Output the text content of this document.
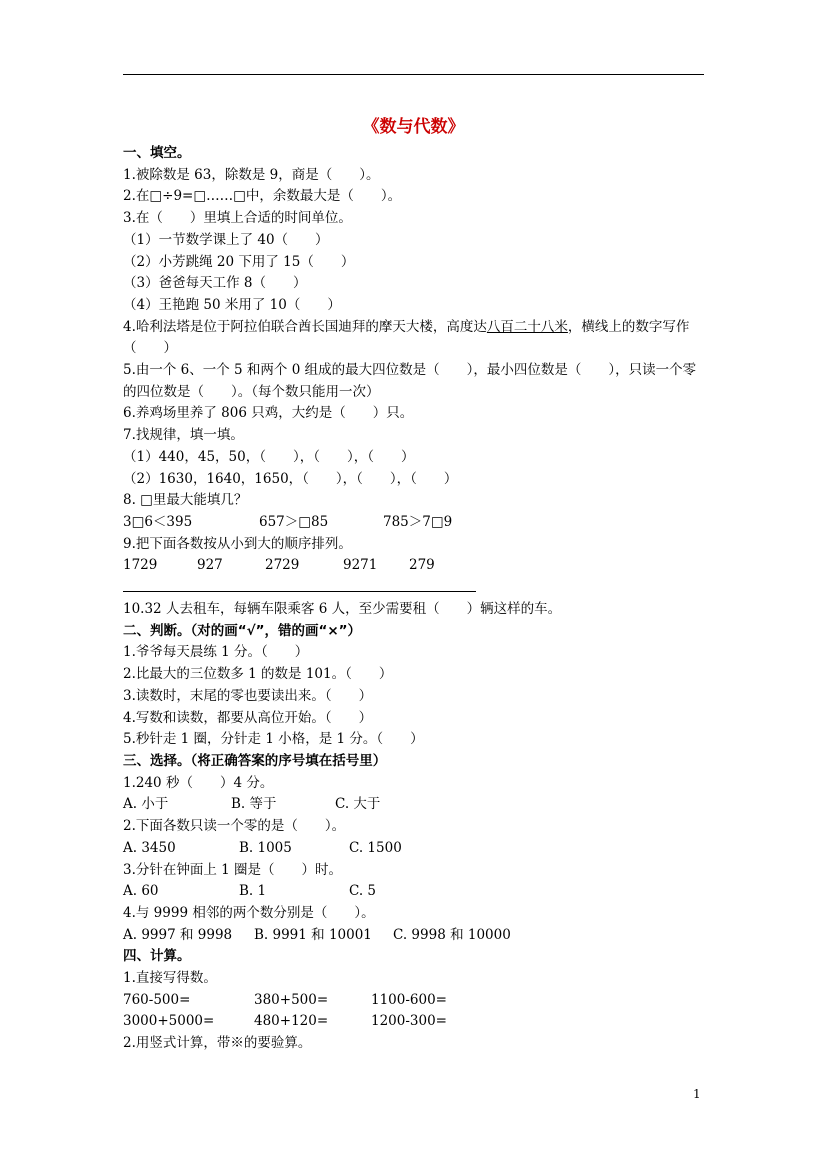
《数与代数》
一、填空。
1.被除数是 63，除数是 9，商是（　　）。
2.在□÷9=□……□中，余数最大是（　　）。
3.在（　　）里填上合适的时间单位。
（1）一节数学课上了 40（　　）
（2）小芳跳绳 20 下用了 15（　　）
（3）爸爸每天工作 8（　　）
（4）王艳跑 50 米用了 10（　　）
4.哈利法塔是位于阿拉伯联合酋长国迪拜的摩天大楼，高度达八百二十八米，横线上的数字写作（　　）
5.由一个 6、一个 5 和两个 0 组成的最大四位数是（　　），最小四位数是（　　），只读一个零的四位数是（　　）。（每个数只能用一次）
6.养鸡场里养了 806 只鸡，大约是（　　）只。
7.找规律，填一填。
（1）440，45，50，（　　），（　　），（　　）
（2）1630，1640，1650，（　　），（　　），（　　）
8. □里最大能填几？
3□6＜395	657＞□85	785＞7□9
9.把下面各数按从小到大的顺序排列。
1729	927	2729	9271 279
10.32 人去租车，每辆车限乘客 6 人，至少需要租（　　）辆这样的车。
二、判断。（对的画“√”，错的画“×”）
1.爷爷每天晨练 1 分。（　　）
2.比最大的三位数多 1 的数是 101。（　　）
3.读数时，末尾的零也要读出来。（　　）
4.写数和读数，都要从高位开始。（　　）
5.秒针走 1 圈，分针走 1 小格，是 1 分。（　　）
三、选择。（将正确答案的序号填在括号里）
1.240 秒（　　）4 分。
A. 小于	B. 等于	C. 大于
2.下面各数只读一个零的是（　　）。
A. 3450	B. 1005	C. 1500
3.分针在钟面上 1 圈是（　　）时。
A. 60	B. 1	C. 5
4.与 9999 相邻的两个数分别是（　　）。
A. 9997 和 9998 B. 9991 和 10001 C. 9998 和 10000
四、计算。
1.直接写得数。
760-500=	380+500=	1100-600=
3000+5000=	480+120=	1200-300=
2.用竖式计算，带※的要验算。
1
